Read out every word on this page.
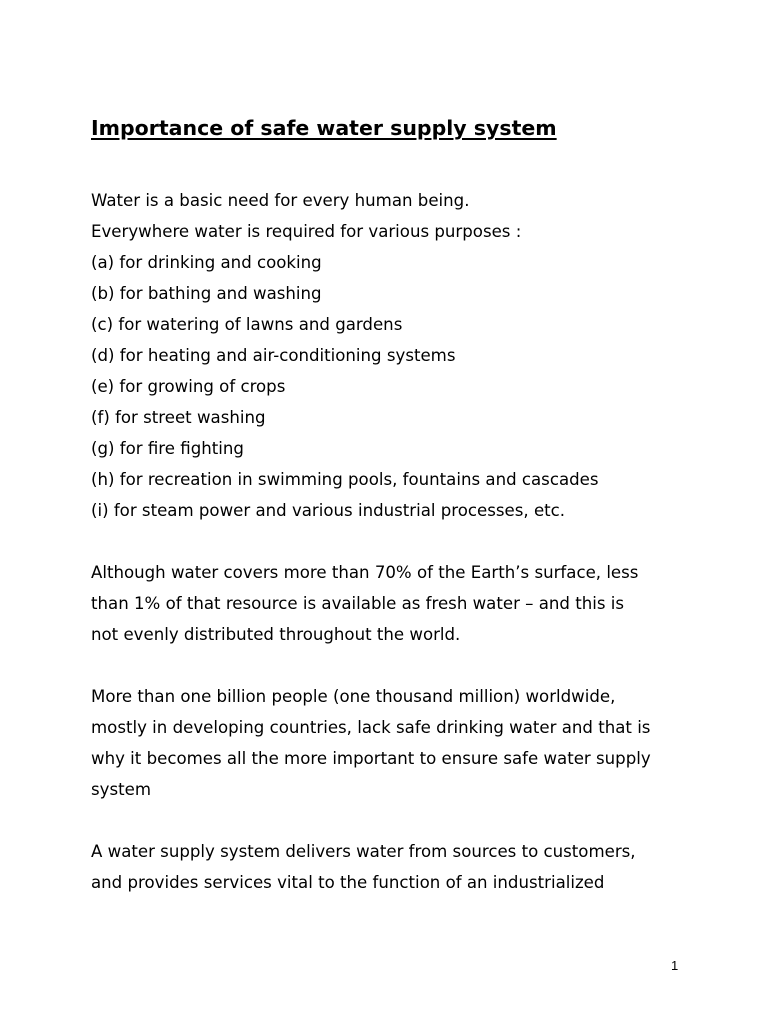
Importance of safe water supply system
Water is a basic need for every human being.
Everywhere water is required for various purposes :
(a) for drinking and cooking
(b) for bathing and washing
(c) for watering of lawns and gardens
(d) for heating and air-conditioning systems
(e) for growing of crops
(f) for street washing
(g) for fire fighting
(h) for recreation in swimming pools, fountains and cascades
(i) for steam power and various industrial processes, etc.
Although water covers more than 70% of the Earth’s surface, less
than 1% of that resource is available as fresh water – and this is
not evenly distributed throughout the world.
More than one billion people (one thousand million) worldwide,
mostly in developing countries, lack safe drinking water and that is
why it becomes all the more important to ensure safe water supply
system
A water supply system delivers water from sources to customers,
and provides services vital to the function of an industrialized
1
